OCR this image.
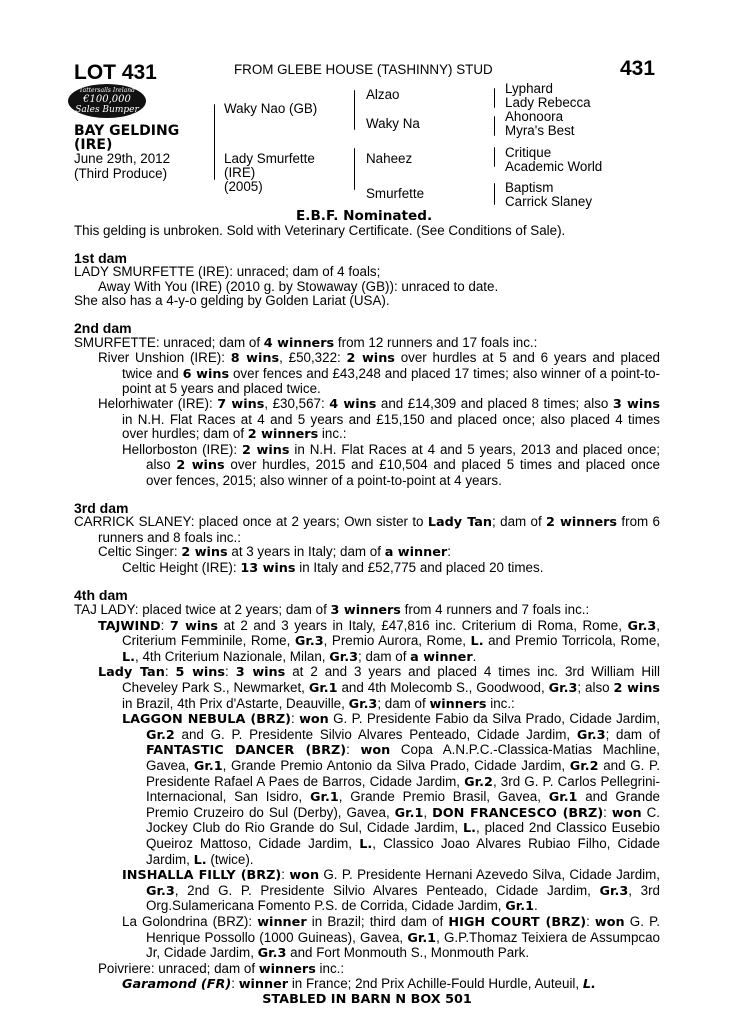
LOT 431	FROM GLEBE HOUSE (TASHINNY) STUD	431
Tattersalls Ireland
€100,000
Sales Bumper
BAY GELDING
(IRE)
June 29th, 2012
(Third Produce)
Waky Nao (GB)
Lady Smurfette
(IRE)
(2005)
Alzao
Waky Na
Naheez
Smurfette
Lyphard
Lady Rebecca
Ahonoora
Myra's Best
Critique
Academic World
Baptism
Carrick Slaney
E.B.F. Nominated.

This gelding is unbroken. Sold with Veterinary Certificate. (See Conditions of Sale).

1st dam

LADY SMURFETTE (IRE): unraced; dam of 4 foals;

Away With You (IRE) (2010 g. by Stowaway (GB)): unraced to date.

She also has a 4-y-o gelding by Golden Lariat (USA).

2nd dam

SMURFETTE: unraced; dam of 4 winners from 12 runners and 17 foals inc.:

River Unshion (IRE): 8 wins, £50,322: 2 wins over hurdles at 5 and 6 years and placed twice and 6 wins over fences and £43,248 and placed 17 times; also winner of a point-to-point at 5 years and placed twice.

Helorhiwater (IRE): 7 wins, £30,567: 4 wins and £14,309 and placed 8 times; also 3 wins in N.H. Flat Races at 4 and 5 years and £15,150 and placed once; also placed 4 times over hurdles; dam of 2 winners inc.:

Hellorboston (IRE): 2 wins in N.H. Flat Races at 4 and 5 years, 2013 and placed once; also 2 wins over hurdles, 2015 and £10,504 and placed 5 times and placed once over fences, 2015; also winner of a point-to-point at 4 years.

3rd dam

CARRICK SLANEY: placed once at 2 years; Own sister to Lady Tan; dam of 2 winners from 6 runners and 8 foals inc.:

Celtic Singer: 2 wins at 3 years in Italy; dam of a winner:

Celtic Height (IRE): 13 wins in Italy and £52,775 and placed 20 times.

4th dam

TAJ LADY: placed twice at 2 years; dam of 3 winners from 4 runners and 7 foals inc.:

TAJWIND: 7 wins at 2 and 3 years in Italy, £47,816 inc. Criterium di Roma, Rome, Gr.3, Criterium Femminile, Rome, Gr.3, Premio Aurora, Rome, L. and Premio Torricola, Rome, L., 4th Criterium Nazionale, Milan, Gr.3; dam of a winner.

Lady Tan: 5 wins: 3 wins at 2 and 3 years and placed 4 times inc. 3rd William Hill Cheveley Park S., Newmarket, Gr.1 and 4th Molecomb S., Goodwood, Gr.3; also 2 wins in Brazil, 4th Prix d'Astarte, Deauville, Gr.3; dam of winners inc.:

LAGGON NEBULA (BRZ): won G. P. Presidente Fabio da Silva Prado, Cidade Jardim, Gr.2 and G. P. Presidente Silvio Alvares Penteado, Cidade Jardim, Gr.3; dam of FANTASTIC DANCER (BRZ): won Copa A.N.P.C.-Classica-Matias Machline, Gavea, Gr.1, Grande Premio Antonio da Silva Prado, Cidade Jardim, Gr.2 and G. P. Presidente Rafael A Paes de Barros, Cidade Jardim, Gr.2, 3rd G. P. Carlos Pellegrini-Internacional, San Isidro, Gr.1, Grande Premio Brasil, Gavea, Gr.1 and Grande Premio Cruzeiro do Sul (Derby), Gavea, Gr.1, DON FRANCESCO (BRZ): won C. Jockey Club do Rio Grande do Sul, Cidade Jardim, L., placed 2nd Classico Eusebio Queiroz Mattoso, Cidade Jardim, L., Classico Joao Alvares Rubiao Filho, Cidade Jardim, L. (twice).

INSHALLA FILLY (BRZ): won G. P. Presidente Hernani Azevedo Silva, Cidade Jardim, Gr.3, 2nd G. P. Presidente Silvio Alvares Penteado, Cidade Jardim, Gr.3, 3rd Org.Sulamericana Fomento P.S. de Corrida, Cidade Jardim, Gr.1.

La Golondrina (BRZ): winner in Brazil; third dam of HIGH COURT (BRZ): won G. P. Henrique Possollo (1000 Guineas), Gavea, Gr.1, G.P.Thomaz Teixiera de Assumpcao Jr, Cidade Jardim, Gr.3 and Fort Monmouth S., Monmouth Park.

Poivriere: unraced; dam of winners inc.:

Garamond (FR): winner in France; 2nd Prix Achille-Fould Hurdle, Auteuil, L.

STABLED IN BARN N BOX 501
